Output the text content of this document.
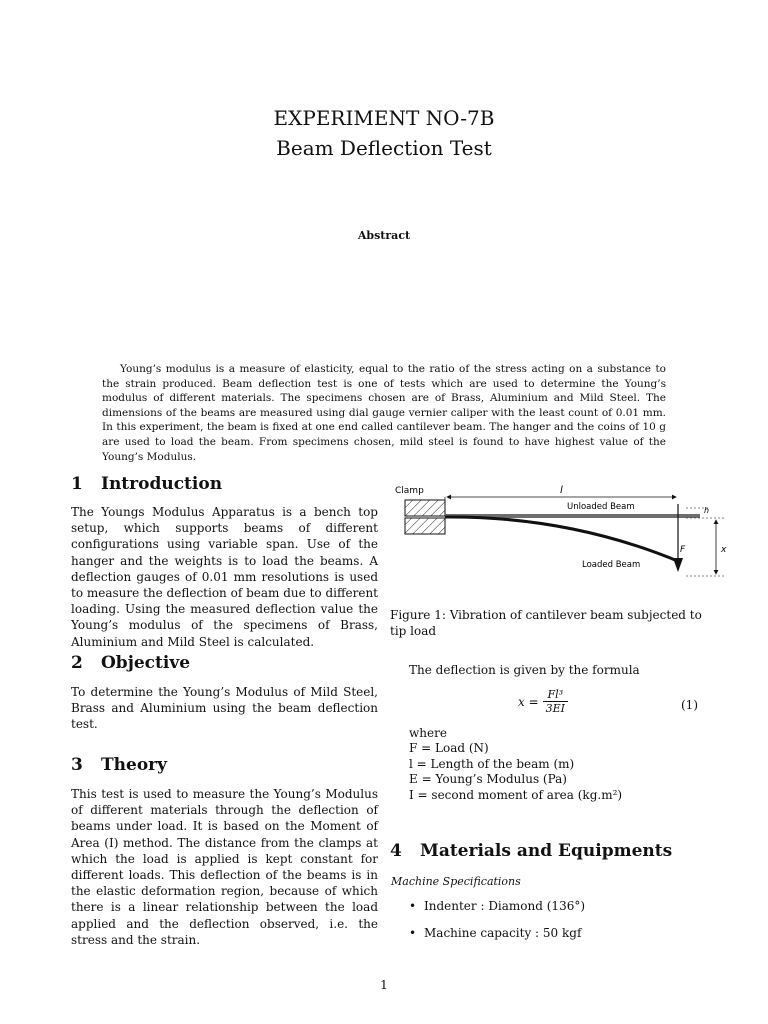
EXPERIMENT NO-7B
Beam Deflection Test
Abstract
Young’s modulus is a measure of elasticity, equal to the ratio of the stress acting on a substance to the strain produced. Beam deflection test is one of tests which are used to determine the Young’s modulus of different materials. The specimens chosen are of Brass, Aluminium and Mild Steel. The dimensions of the beams are measured using dial gauge vernier caliper with the least count of 0.01 mm. In this experiment, the beam is fixed at one end called cantilever beam. The hanger and the coins of 10 g are used to load the beam. From specimens chosen, mild steel is found to have highest value of the Young’s Modulus.
1 Introduction
The Youngs Modulus Apparatus is a bench top setup, which supports beams of different configurations using variable span. Use of the hanger and the weights is to load the beams. A deflection gauges of 0.01 mm resolutions is used to measure the deflection of beam due to different loading. Using the measured deflection value the Young’s modulus of the specimens of Brass, Aluminium and Mild Steel is calculated.
2 Objective
To determine the Young’s Modulus of Mild Steel, Brass and Aluminium using the beam deflection test.
3 Theory
This test is used to measure the Young’s Modulus of different materials through the deflection of beams under load. It is based on the Moment of Area (I) method. The distance from the clamps at which the load is applied is kept constant for different loads. This deflection of the beams is in the elastic deformation region, because of which there is a linear relationship between the load applied and the deflection observed, i.e. the stress and the strain.
Clamp	l
Unloaded Beam
Loaded Beam
F
h
x
Figure 1: Vibration of cantilever beam subjected to tip load
The deflection is given by the formula
$x = \frac{\text{Fl³}}{3EI}$	(1)
where
F = Load (N)
l = Length of the beam (m)
E = Young’s Modulus (Pa)
I = second moment of area (kg.m²)
4 Materials and Equipments
Machine Specifications
• Indenter : Diamond (136°)
• Machine capacity : 50 kgf
1
